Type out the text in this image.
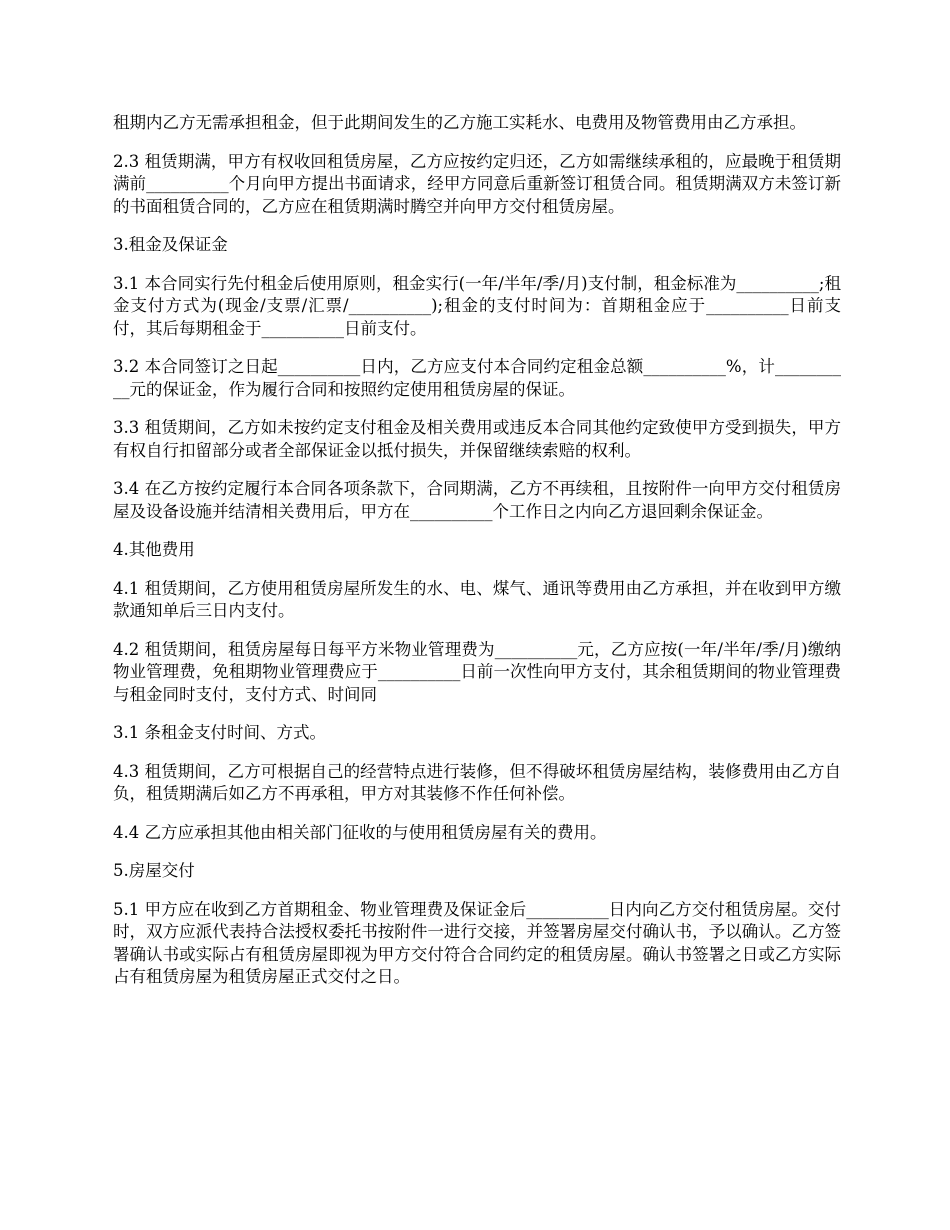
租期内乙方无需承担租金，但于此期间发生的乙方施工实耗水、电费用及物管费用由乙方承担。

2.3 租赁期满，甲方有权收回租赁房屋，乙方应按约定归还，乙方如需继续承租的，应最晚于租赁期满前__________个月向甲方提出书面请求，经甲方同意后重新签订租赁合同。租赁期满双方未签订新的书面租赁合同的，乙方应在租赁期满时腾空并向甲方交付租赁房屋。

3.租金及保证金

3.1 本合同实行先付租金后使用原则，租金实行(一年/半年/季/月)支付制，租金标准为__________;租金支付方式为(现金/支票/汇票/__________);租金的支付时间为：首期租金应于__________日前支付，其后每期租金于__________日前支付。

3.2 本合同签订之日起__________日内，乙方应支付本合同约定租金总额__________%，计__________元的保证金，作为履行合同和按照约定使用租赁房屋的保证。

3.3 租赁期间，乙方如未按约定支付租金及相关费用或违反本合同其他约定致使甲方受到损失，甲方有权自行扣留部分或者全部保证金以抵付损失，并保留继续索赔的权利。

3.4 在乙方按约定履行本合同各项条款下，合同期满，乙方不再续租，且按附件一向甲方交付租赁房屋及设备设施并结清相关费用后，甲方在__________个工作日之内向乙方退回剩余保证金。

4.其他费用

4.1 租赁期间，乙方使用租赁房屋所发生的水、电、煤气、通讯等费用由乙方承担，并在收到甲方缴款通知单后三日内支付。

4.2 租赁期间，租赁房屋每日每平方米物业管理费为__________元，乙方应按(一年/半年/季/月)缴纳物业管理费，免租期物业管理费应于__________日前一次性向甲方支付，其余租赁期间的物业管理费与租金同时支付，支付方式、时间同

3.1 条租金支付时间、方式。

4.3 租赁期间，乙方可根据自己的经营特点进行装修，但不得破坏租赁房屋结构，装修费用由乙方自负，租赁期满后如乙方不再承租，甲方对其装修不作任何补偿。

4.4 乙方应承担其他由相关部门征收的与使用租赁房屋有关的费用。

5.房屋交付

5.1 甲方应在收到乙方首期租金、物业管理费及保证金后__________日内向乙方交付租赁房屋。交付时，双方应派代表持合法授权委托书按附件一进行交接，并签署房屋交付确认书，予以确认。乙方签署确认书或实际占有租赁房屋即视为甲方交付符合合同约定的租赁房屋。确认书签署之日或乙方实际占有租赁房屋为租赁房屋正式交付之日。
